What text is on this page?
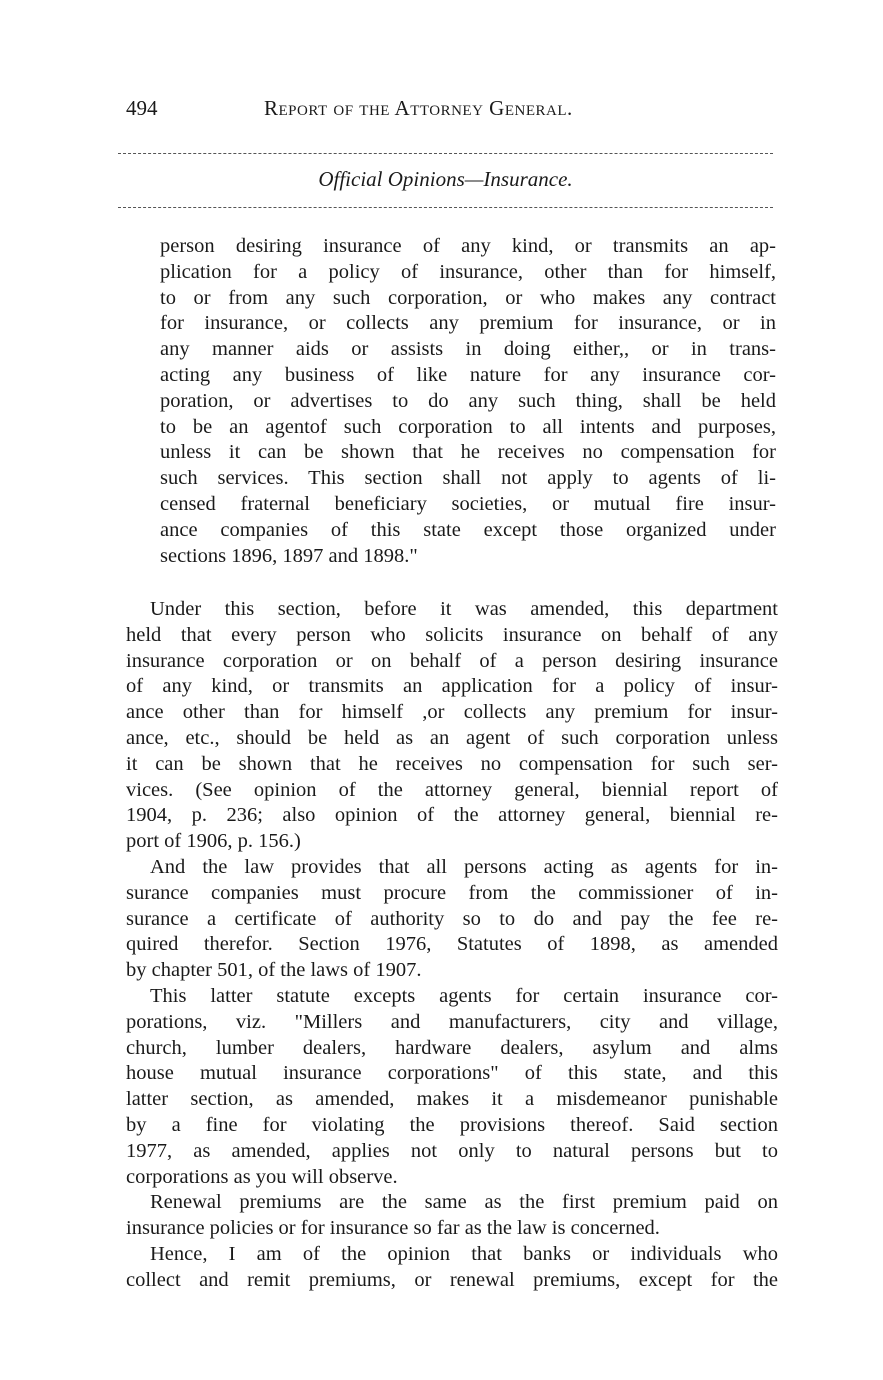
494	Report of the Attorney General.
Official Opinions—Insurance.
person desiring insurance of any kind, or transmits an ap-
plication for a policy of insurance, other than for himself,
to or from any such corporation, or who makes any contract
for insurance, or collects any premium for insurance, or in
any manner aids or assists in doing either,, or in trans-
acting any business of like nature for any insurance cor-
poration, or advertises to do any such thing, shall be held
to be an agentof such corporation to all intents and purposes,
unless it can be shown that he receives no compensation for
such services. This section shall not apply to agents of li-
censed fraternal beneficiary societies, or mutual fire insur-
ance companies of this state except those organized under
sections 1896, 1897 and 1898."
Under this section, before it was amended, this department
held that every person who solicits insurance on behalf of any
insurance corporation or on behalf of a person desiring insurance
of any kind, or transmits an application for a policy of insur-
ance other than for himself ,or collects any premium for insur-
ance, etc., should be held as an agent of such corporation unless
it can be shown that he receives no compensation for such ser-
vices. (See opinion of the attorney general, biennial report of
1904, p. 236; also opinion of the attorney general, biennial re-
port of 1906, p. 156.)
And the law provides that all persons acting as agents for in-
surance companies must procure from the commissioner of in-
surance a certificate of authority so to do and pay the fee re-
quired therefor. Section 1976, Statutes of 1898, as amended
by chapter 501, of the laws of 1907.
This latter statute excepts agents for certain insurance cor-
porations, viz. "Millers and manufacturers, city and village,
church, lumber dealers, hardware dealers, asylum and alms
house mutual insurance corporations" of this state, and this
latter section, as amended, makes it a misdemeanor punishable
by a fine for violating the provisions thereof. Said section
1977, as amended, applies not only to natural persons but to
corporations as you will observe.
Renewal premiums are the same as the first premium paid on
insurance policies or for insurance so far as the law is concerned.
Hence, I am of the opinion that banks or individuals who
collect and remit premiums, or renewal premiums, except for the
